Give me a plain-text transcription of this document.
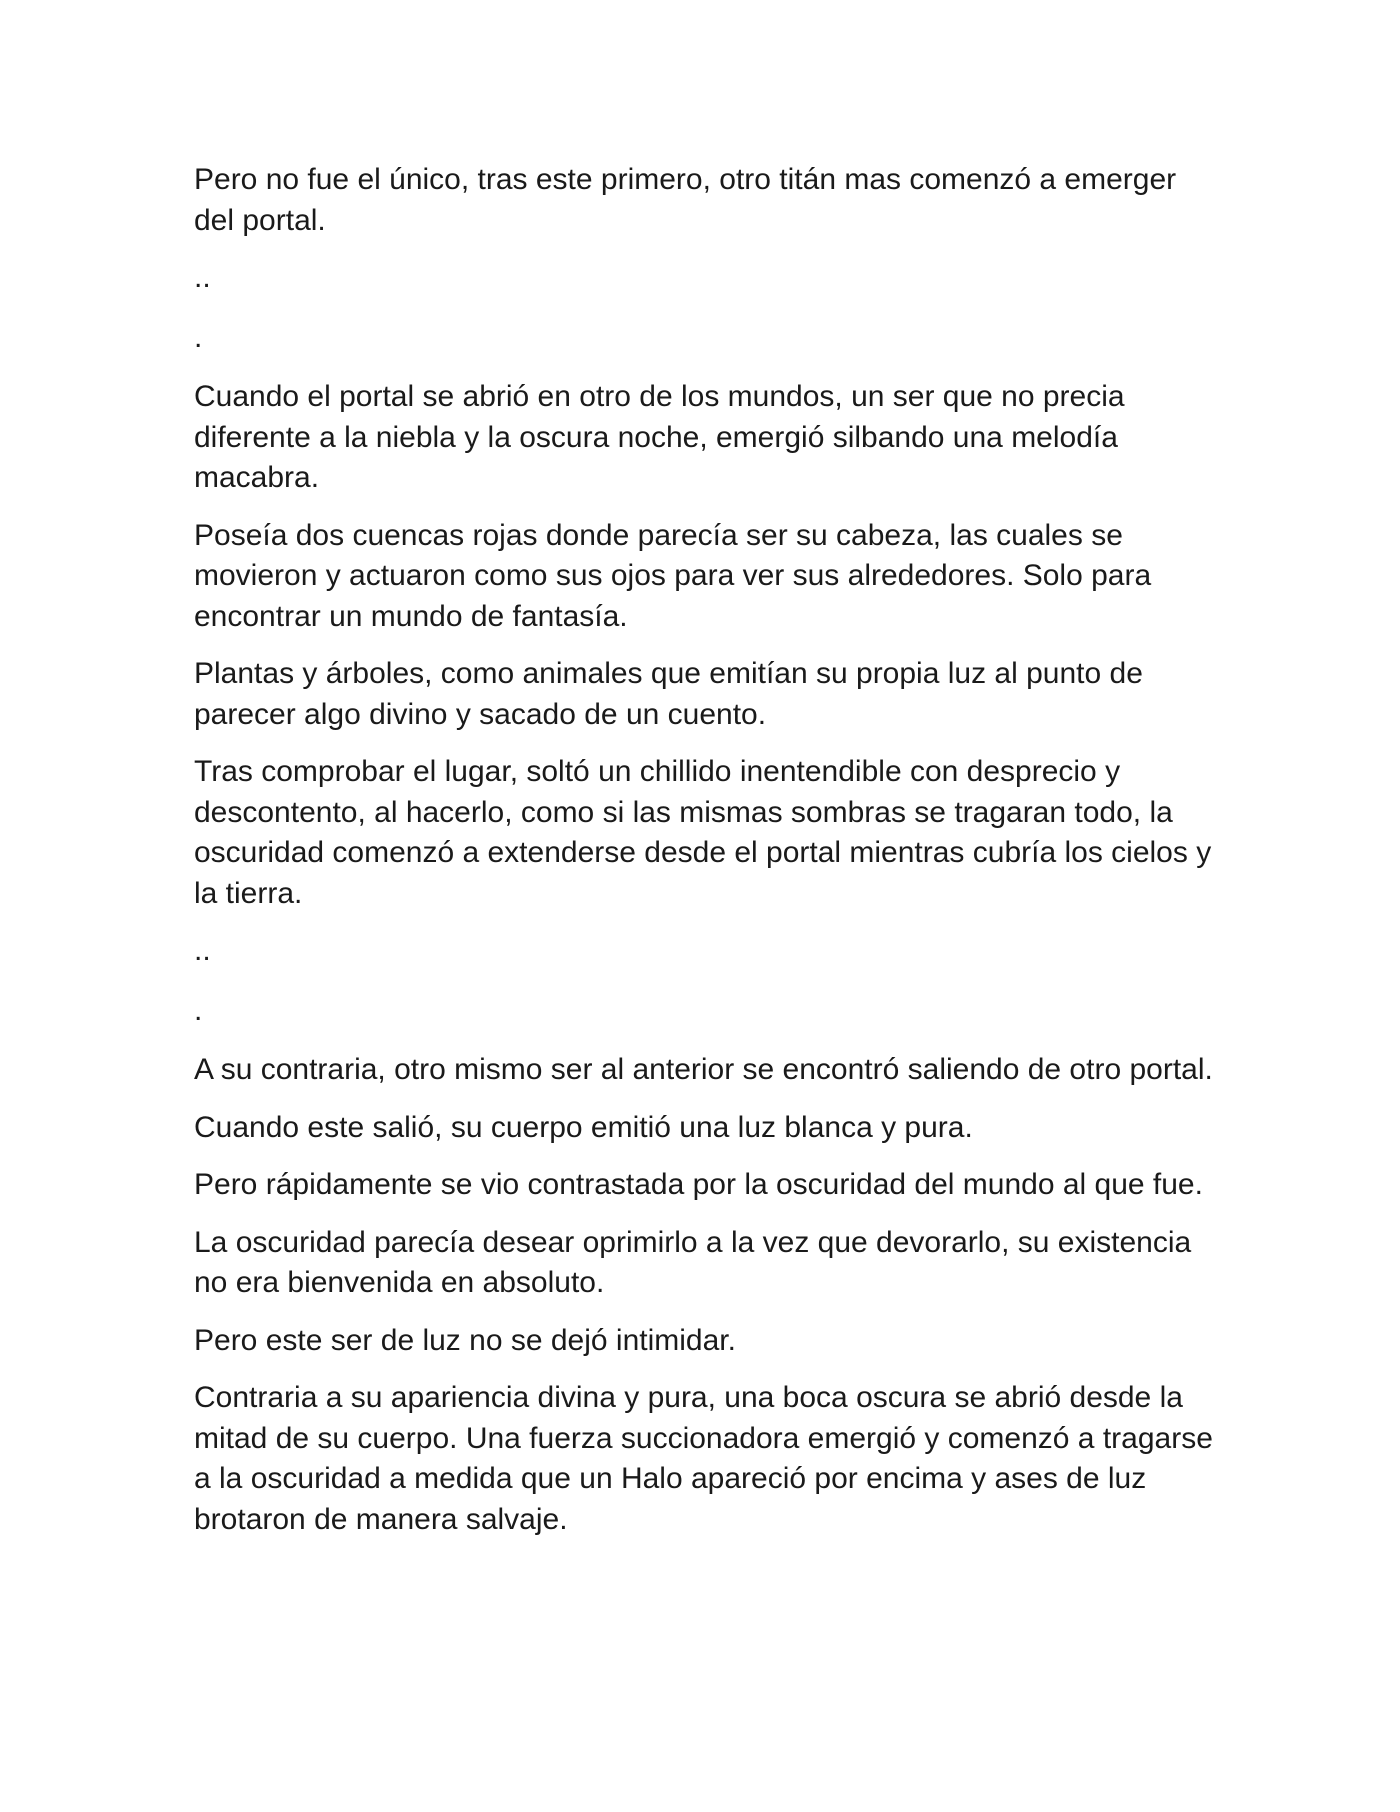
Pero no fue el único, tras este primero, otro titán mas comenzó a emerger del portal.

..

.

Cuando el portal se abrió en otro de los mundos, un ser que no precia diferente a la niebla y la oscura noche, emergió silbando una melodía macabra.

Poseía dos cuencas rojas donde parecía ser su cabeza, las cuales se movieron y actuaron como sus ojos para ver sus alrededores. Solo para encontrar un mundo de fantasía.

Plantas y árboles, como animales que emitían su propia luz al punto de parecer algo divino y sacado de un cuento.

Tras comprobar el lugar, soltó un chillido inentendible con desprecio y descontento, al hacerlo, como si las mismas sombras se tragaran todo, la oscuridad comenzó a extenderse desde el portal mientras cubría los cielos y la tierra.

..

.

A su contraria, otro mismo ser al anterior se encontró saliendo de otro portal.

Cuando este salió, su cuerpo emitió una luz blanca y pura.

Pero rápidamente se vio contrastada por la oscuridad del mundo al que fue.

La oscuridad parecía desear oprimirlo a la vez que devorarlo, su existencia no era bienvenida en absoluto.

Pero este ser de luz no se dejó intimidar.

Contraria a su apariencia divina y pura, una boca oscura se abrió desde la mitad de su cuerpo. Una fuerza succionadora emergió y comenzó a tragarse a la oscuridad a medida que un Halo apareció por encima y ases de luz brotaron de manera salvaje.
